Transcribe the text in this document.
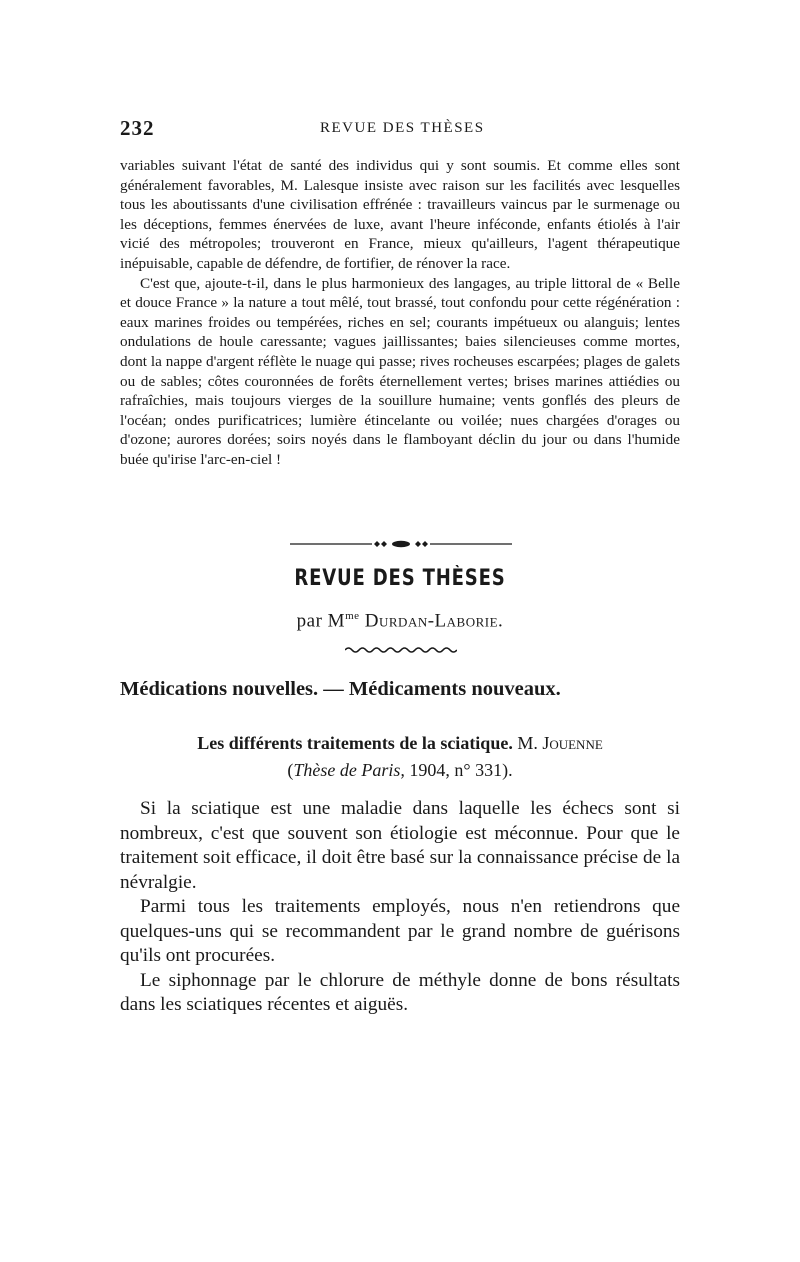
232	REVUE DES THÈSES

variables suivant l'état de santé des individus qui y sont soumis. Et comme elles sont généralement favorables, M. Lalesque insiste avec raison sur les facilités avec lesquelles tous les aboutissants d'une civilisation effrénée : travailleurs vaincus par le surmenage ou les déceptions, femmes énervées de luxe, avant l'heure inféconde, enfants étiolés à l'air vicié des métropoles; trouveront en France, mieux qu'ailleurs, l'agent thérapeutique inépuisable, capable de défendre, de fortifier, de rénover la race.

C'est que, ajoute-t-il, dans le plus harmonieux des langages, au triple littoral de « Belle et douce France » la nature a tout mêlé, tout brassé, tout confondu pour cette régénération : eaux marines froides ou tempérées, riches en sel; courants impétueux ou alanguis; lentes ondulations de houle caressante; vagues jaillissantes; baies silencieuses comme mortes, dont la nappe d'argent réflète le nuage qui passe; rives rocheuses escarpées; plages de galets ou de sables; côtes couronnées de forêts éternellement vertes; brises marines attiédies ou rafraîchies, mais toujours vierges de la souillure humaine; vents gonflés des pleurs de l'océan; ondes purificatrices; lumière étincelante ou voilée; nues chargées d'orages ou d'ozone; aurores dorées; soirs noyés dans le flamboyant déclin du jour ou dans l'humide buée qu'irise l'arc-en-ciel !

REVUE DES THÈSES
par $M^{me}$ Durdan-Laborie.
Médications nouvelles. — Médicaments nouveaux.
Les différents traitements de la sciatique. M. Jouenne
(Thèse de Paris, 1904, n° 331).

Si la sciatique est une maladie dans laquelle les échecs sont si nombreux, c'est que souvent son étiologie est méconnue. Pour que le traitement soit efficace, il doit être basé sur la connaissance précise de la névralgie.

Parmi tous les traitements employés, nous n'en retiendrons que quelques-uns qui se recommandent par le grand nombre de guérisons qu'ils ont procurées.

Le siphonnage par le chlorure de méthyle donne de bons résultats dans les sciatiques récentes et aiguës.
